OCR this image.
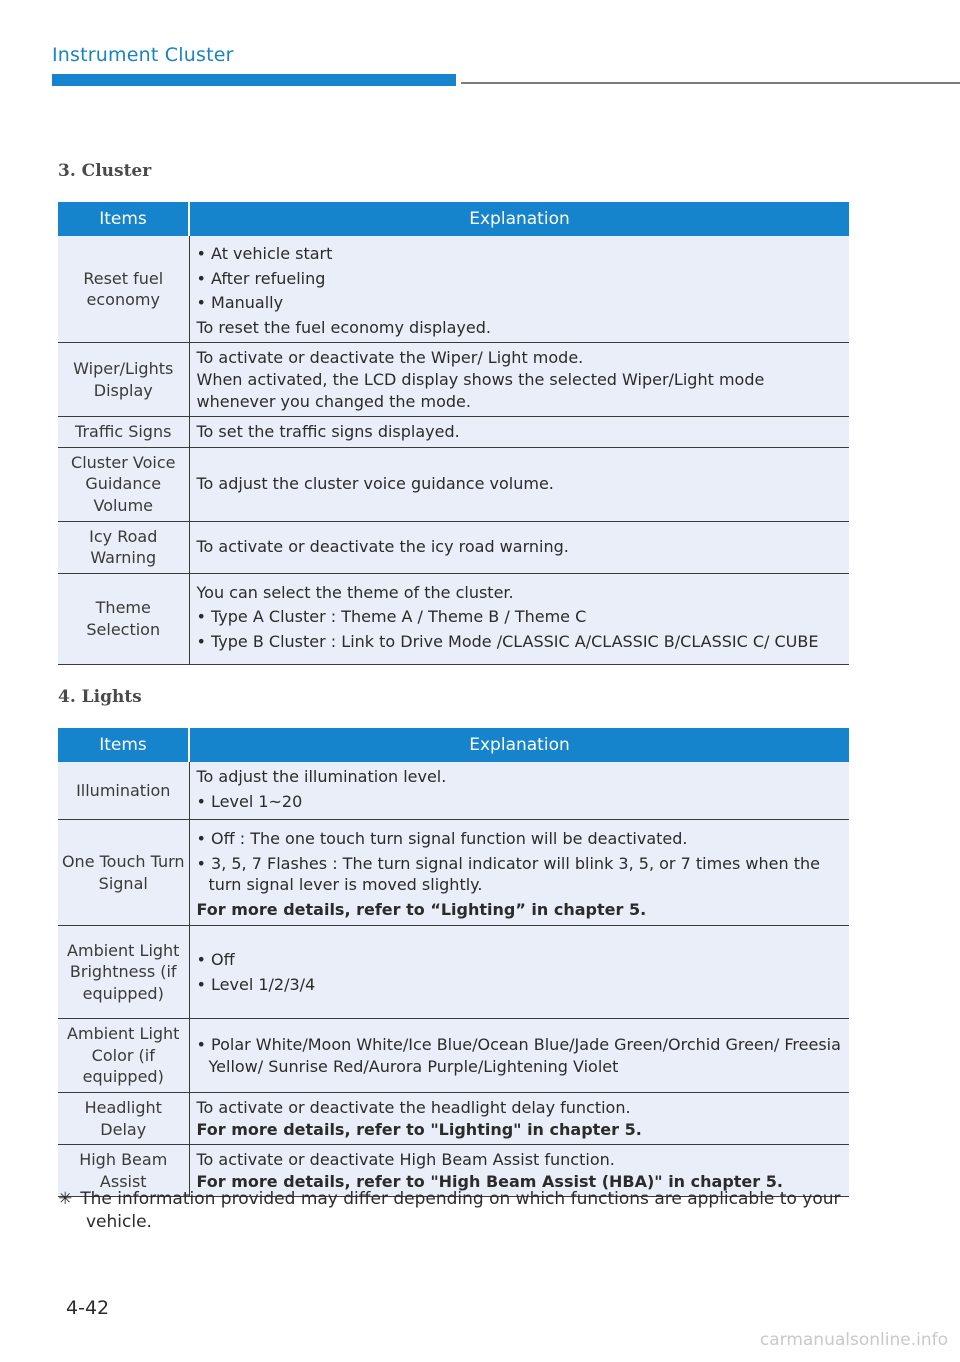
Instrument Cluster
3. Cluster
Items	Explanation
Reset fuel economy	• At vehicle start
• After refueling
• Manually
To reset the fuel economy displayed.

Wiper/Lights Display	To activate or deactivate the Wiper/ Light mode.
When activated, the LCD display shows the selected Wiper/Light mode whenever you changed the mode.

Traffic Signs	To set the traffic signs displayed.

Cluster Voice Guidance Volume	To adjust the cluster voice guidance volume.

Icy Road Warning	To activate or deactivate the icy road warning.

Theme Selection	You can select the theme of the cluster.
• Type A Cluster : Theme A / Theme B / Theme C
• Type B Cluster : Link to Drive Mode /CLASSIC A/CLASSIC B/CLASSIC C/ CUBE
4. Lights
Items	Explanation
Illumination	To adjust the illumination level.
• Level 1~20

One Touch Turn Signal	• Off : The one touch turn signal function will be deactivated.
• 3, 5, 7 Flashes : The turn signal indicator will blink 3, 5, or 7 times when the turn signal lever is moved slightly.
For more details, refer to “Lighting” in chapter 5.

Ambient Light Brightness (if equipped)	• Off
• Level 1/2/3/4

Ambient Light Color (if equipped)	• Polar White/Moon White/Ice Blue/Ocean Blue/Jade Green/Orchid Green/ Freesia Yellow/ Sunrise Red/Aurora Purple/Lightening Violet

Headlight Delay	To activate or deactivate the headlight delay function.
For more details, refer to "Lighting" in chapter 5.

High Beam Assist	To activate or deactivate High Beam Assist function.
For more details, refer to "High Beam Assist (HBA)" in chapter 5.
✳ The information provided may differ depending on which functions are applicable to your vehicle.
4-42
carmanualsonline.info
